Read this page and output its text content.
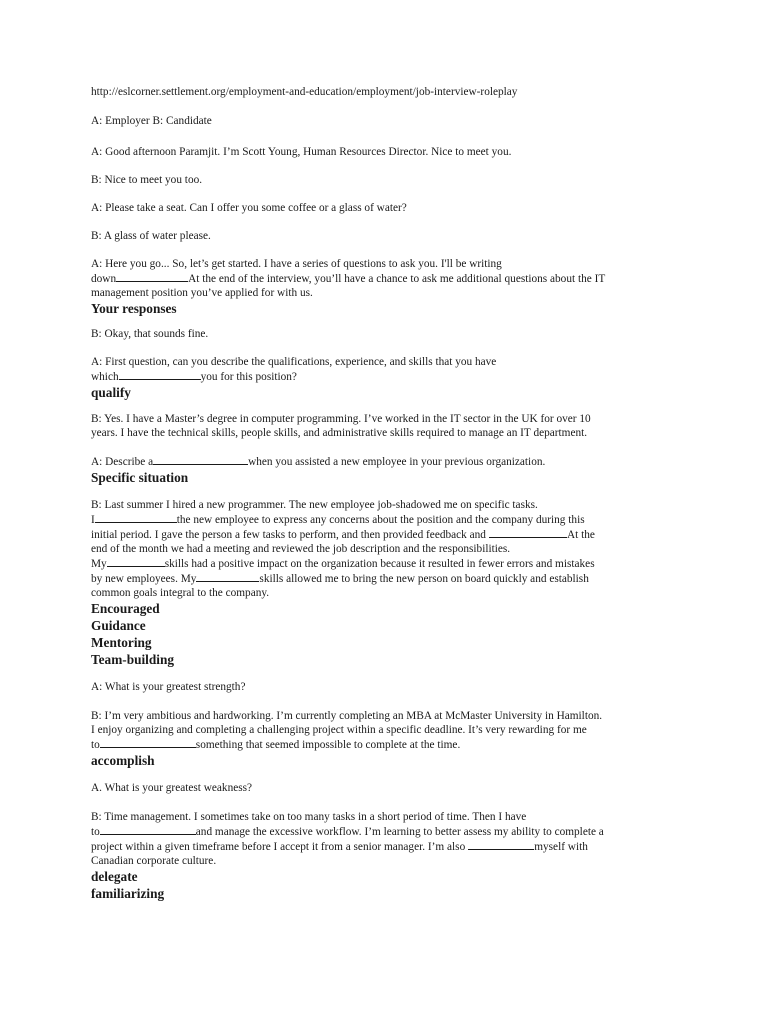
http://eslcorner.settlement.org/employment-and-education/employment/job-interview-roleplay
A: Employer B: Candidate
A: Good afternoon Paramjit. I’m Scott Young, Human Resources Director. Nice to meet you.
B: Nice to meet you too.
A: Please take a seat. Can I offer you some coffee or a glass of water?
B: A glass of water please.
A: Here you go... So, let’s get started. I have a series of questions to ask you. I'll be writing
down	At the end of the interview, you’ll have a chance to ask me additional questions about the IT
management position you’ve applied for with us.
Your responses
B: Okay, that sounds fine.
A: First question, can you describe the qualifications, experience, and skills that you have
which	you for this position?
qualify
B: Yes. I have a Master’s degree in computer programming. I’ve worked in the IT sector in the UK for over 10
years. I have the technical skills, people skills, and administrative skills required to manage an IT department.
A: Describe a	when you assisted a new employee in your previous organization.
Specific situation
B: Last summer I hired a new programmer. The new employee job-shadowed me on specific tasks.
I	the new employee to express any concerns about the position and the company during this
initial period. I gave the person a few tasks to perform, and then provided feedback and	At the
end of the month we had a meeting and reviewed the job description and the responsibilities.
My	skills had a positive impact on the organization because it resulted in fewer errors and mistakes
by new employees. My	skills allowed me to bring the new person on board quickly and establish
common goals integral to the company.
Encouraged
Guidance
Mentoring
Team-building
A: What is your greatest strength?
B: I’m very ambitious and hardworking. I’m currently completing an MBA at McMaster University in Hamilton.
I enjoy organizing and completing a challenging project within a specific deadline. It’s very rewarding for me
to	something that seemed impossible to complete at the time.
accomplish
A. What is your greatest weakness?
B: Time management. I sometimes take on too many tasks in a short period of time. Then I have
to	and manage the excessive workflow. I’m learning to better assess my ability to complete a
project within a given timeframe before I accept it from a senior manager. I’m also	myself with
Canadian corporate culture.
delegate
familiarizing
